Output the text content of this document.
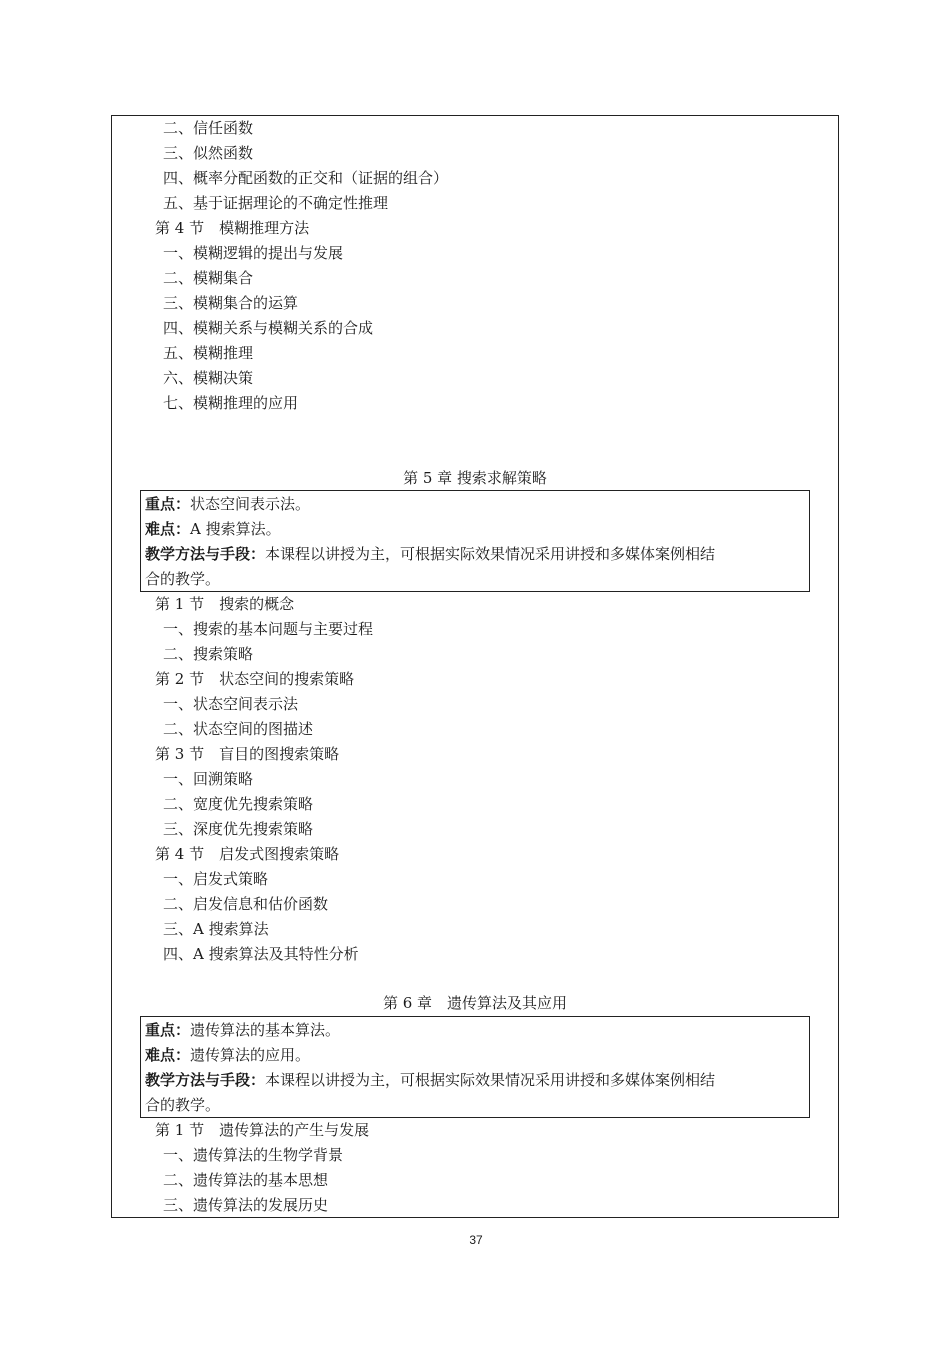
二、信任函数
三、似然函数
四、概率分配函数的正交和（证据的组合）
五、基于证据理论的不确定性推理
第 4 节　模糊推理方法
一、模糊逻辑的提出与发展
二、模糊集合
三、模糊集合的运算
四、模糊关系与模糊关系的合成
五、模糊推理
六、模糊决策
七、模糊推理的应用
第 5 章 搜索求解策略
重点：状态空间表示法。
难点：A 搜索算法。
教学方法与手段：本课程以讲授为主，可根据实际效果情况采用讲授和多媒体案例相结
合的教学。
第 1 节　搜索的概念
一、搜索的基本问题与主要过程
二、搜索策略
第 2 节　状态空间的搜索策略
一、状态空间表示法
二、状态空间的图描述
第 3 节　盲目的图搜索策略
一、回溯策略
二、宽度优先搜索策略
三、深度优先搜索策略
第 4 节　启发式图搜索策略
一、启发式策略
二、启发信息和估价函数
三、A 搜索算法
四、A 搜索算法及其特性分析
第 6 章　遗传算法及其应用
重点：遗传算法的基本算法。
难点：遗传算法的应用。
教学方法与手段：本课程以讲授为主，可根据实际效果情况采用讲授和多媒体案例相结
合的教学。
第 1 节　遗传算法的产生与发展
一、遗传算法的生物学背景
二、遗传算法的基本思想
三、遗传算法的发展历史
37
